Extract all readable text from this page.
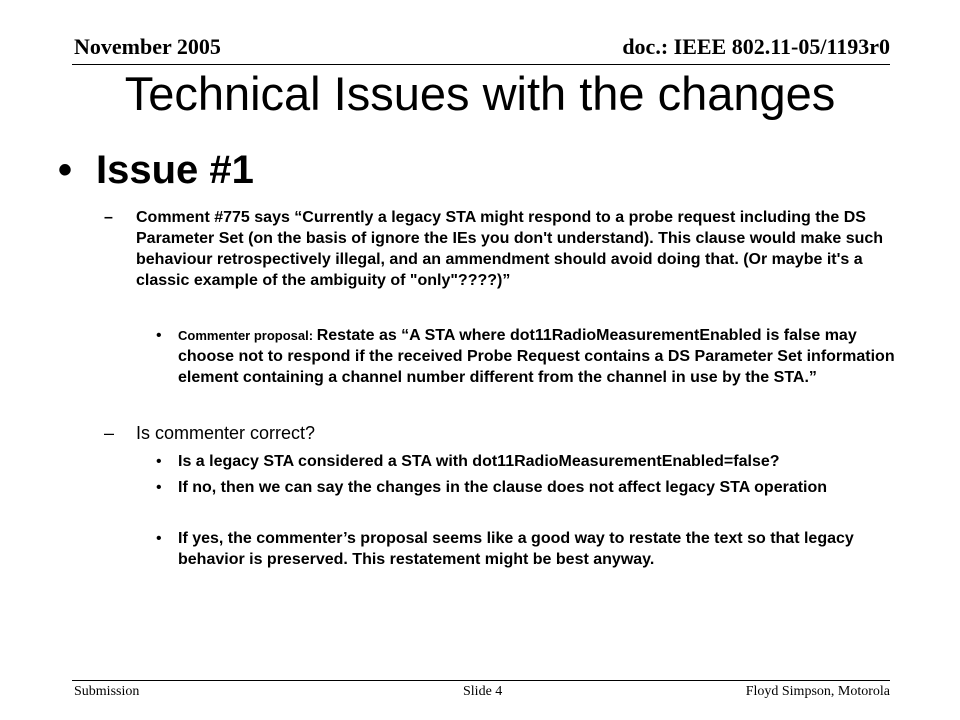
November 2005	doc.: IEEE 802.11-05/1193r0
Technical Issues with the changes
• Issue #1
– Comment #775 says “Currently a legacy STA might respond to a probe request including the DS Parameter Set (on the basis of ignore the IEs you don't understand). This clause would make such behaviour retrospectively illegal, and an ammendment should avoid doing that. (Or maybe it's a classic example of the ambiguity of "only"????)”
• Commenter proposal: Restate as “A STA where dot11RadioMeasurementEnabled is false may choose not to respond if the received Probe Request contains a DS Parameter Set information element containing a channel number different from the channel in use by the STA.”
– Is commenter correct?
• Is a legacy STA considered a STA with dot11RadioMeasurementEnabled=false?
• If no, then we can say the changes in the clause does not affect legacy STA operation
• If yes, the commenter’s proposal seems like a good way to restate the text so that legacy behavior is preserved. This restatement might be best anyway.
Submission	Slide 4	Floyd Simpson, Motorola
